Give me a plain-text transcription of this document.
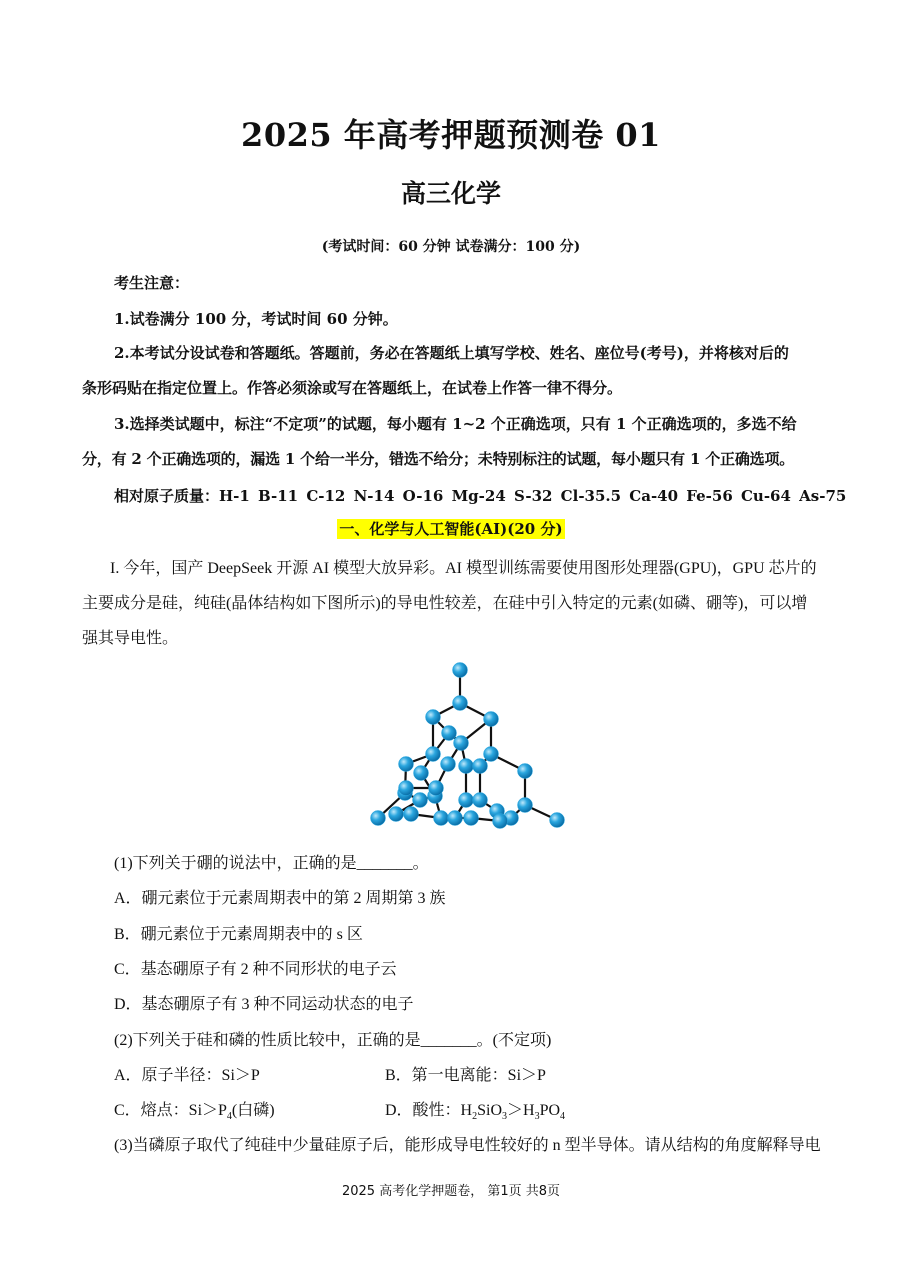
2025 年高考押题预测卷 01
高三化学
(考试时间：60 分钟 试卷满分：100 分)
考生注意：
1.试卷满分 100 分，考试时间 60 分钟。
2.本考试分设试卷和答题纸。答题前，务必在答题纸上填写学校、姓名、座位号(考号)，并将核对后的
条形码贴在指定位置上。作答必须涂或写在答题纸上，在试卷上作答一律不得分。
3.选择类试题中，标注“不定项”的试题，每小题有 1~2 个正确选项，只有 1 个正确选项的，多选不给
分，有 2 个正确选项的，漏选 1 个给一半分，错选不给分；未特别标注的试题，每小题只有 1 个正确选项。
相对原子质量：H-1 B-11 C-12 N-14 O-16 Mg-24 S-32 Cl-35.5 Ca-40 Fe-56 Cu-64 As-75
一、化学与人工智能(AI)(20 分)
I. 今年，国产 DeepSeek 开源 AI 模型大放异彩。AI 模型训练需要使用图形处理器(GPU)，GPU 芯片的主要成分是硅，纯硅(晶体结构如下图所示)的导电性较差，在硅中引入特定的元素(如磷、硼等)，可以增强其导电性。
(1)下列关于硼的说法中，正确的是_______。
A．硼元素位于元素周期表中的第 2 周期第 3 族
B．硼元素位于元素周期表中的 s 区
C．基态硼原子有 2 种不同形状的电子云
D．基态硼原子有 3 种不同运动状态的电子
(2)下列关于硅和磷的性质比较中，正确的是_______。(不定项)
A．原子半径：Si＞P	B．第一电离能：Si＞P
C．熔点：$Si>P_4$(白磷)	D．酸性：$H_2SiO_3>H_3PO_4$
(3)当磷原子取代了纯硅中少量硅原子后，能形成导电性较好的 n 型半导体。请从结构的角度解释导电
2025 高考化学押题卷， 第1页 共8页
